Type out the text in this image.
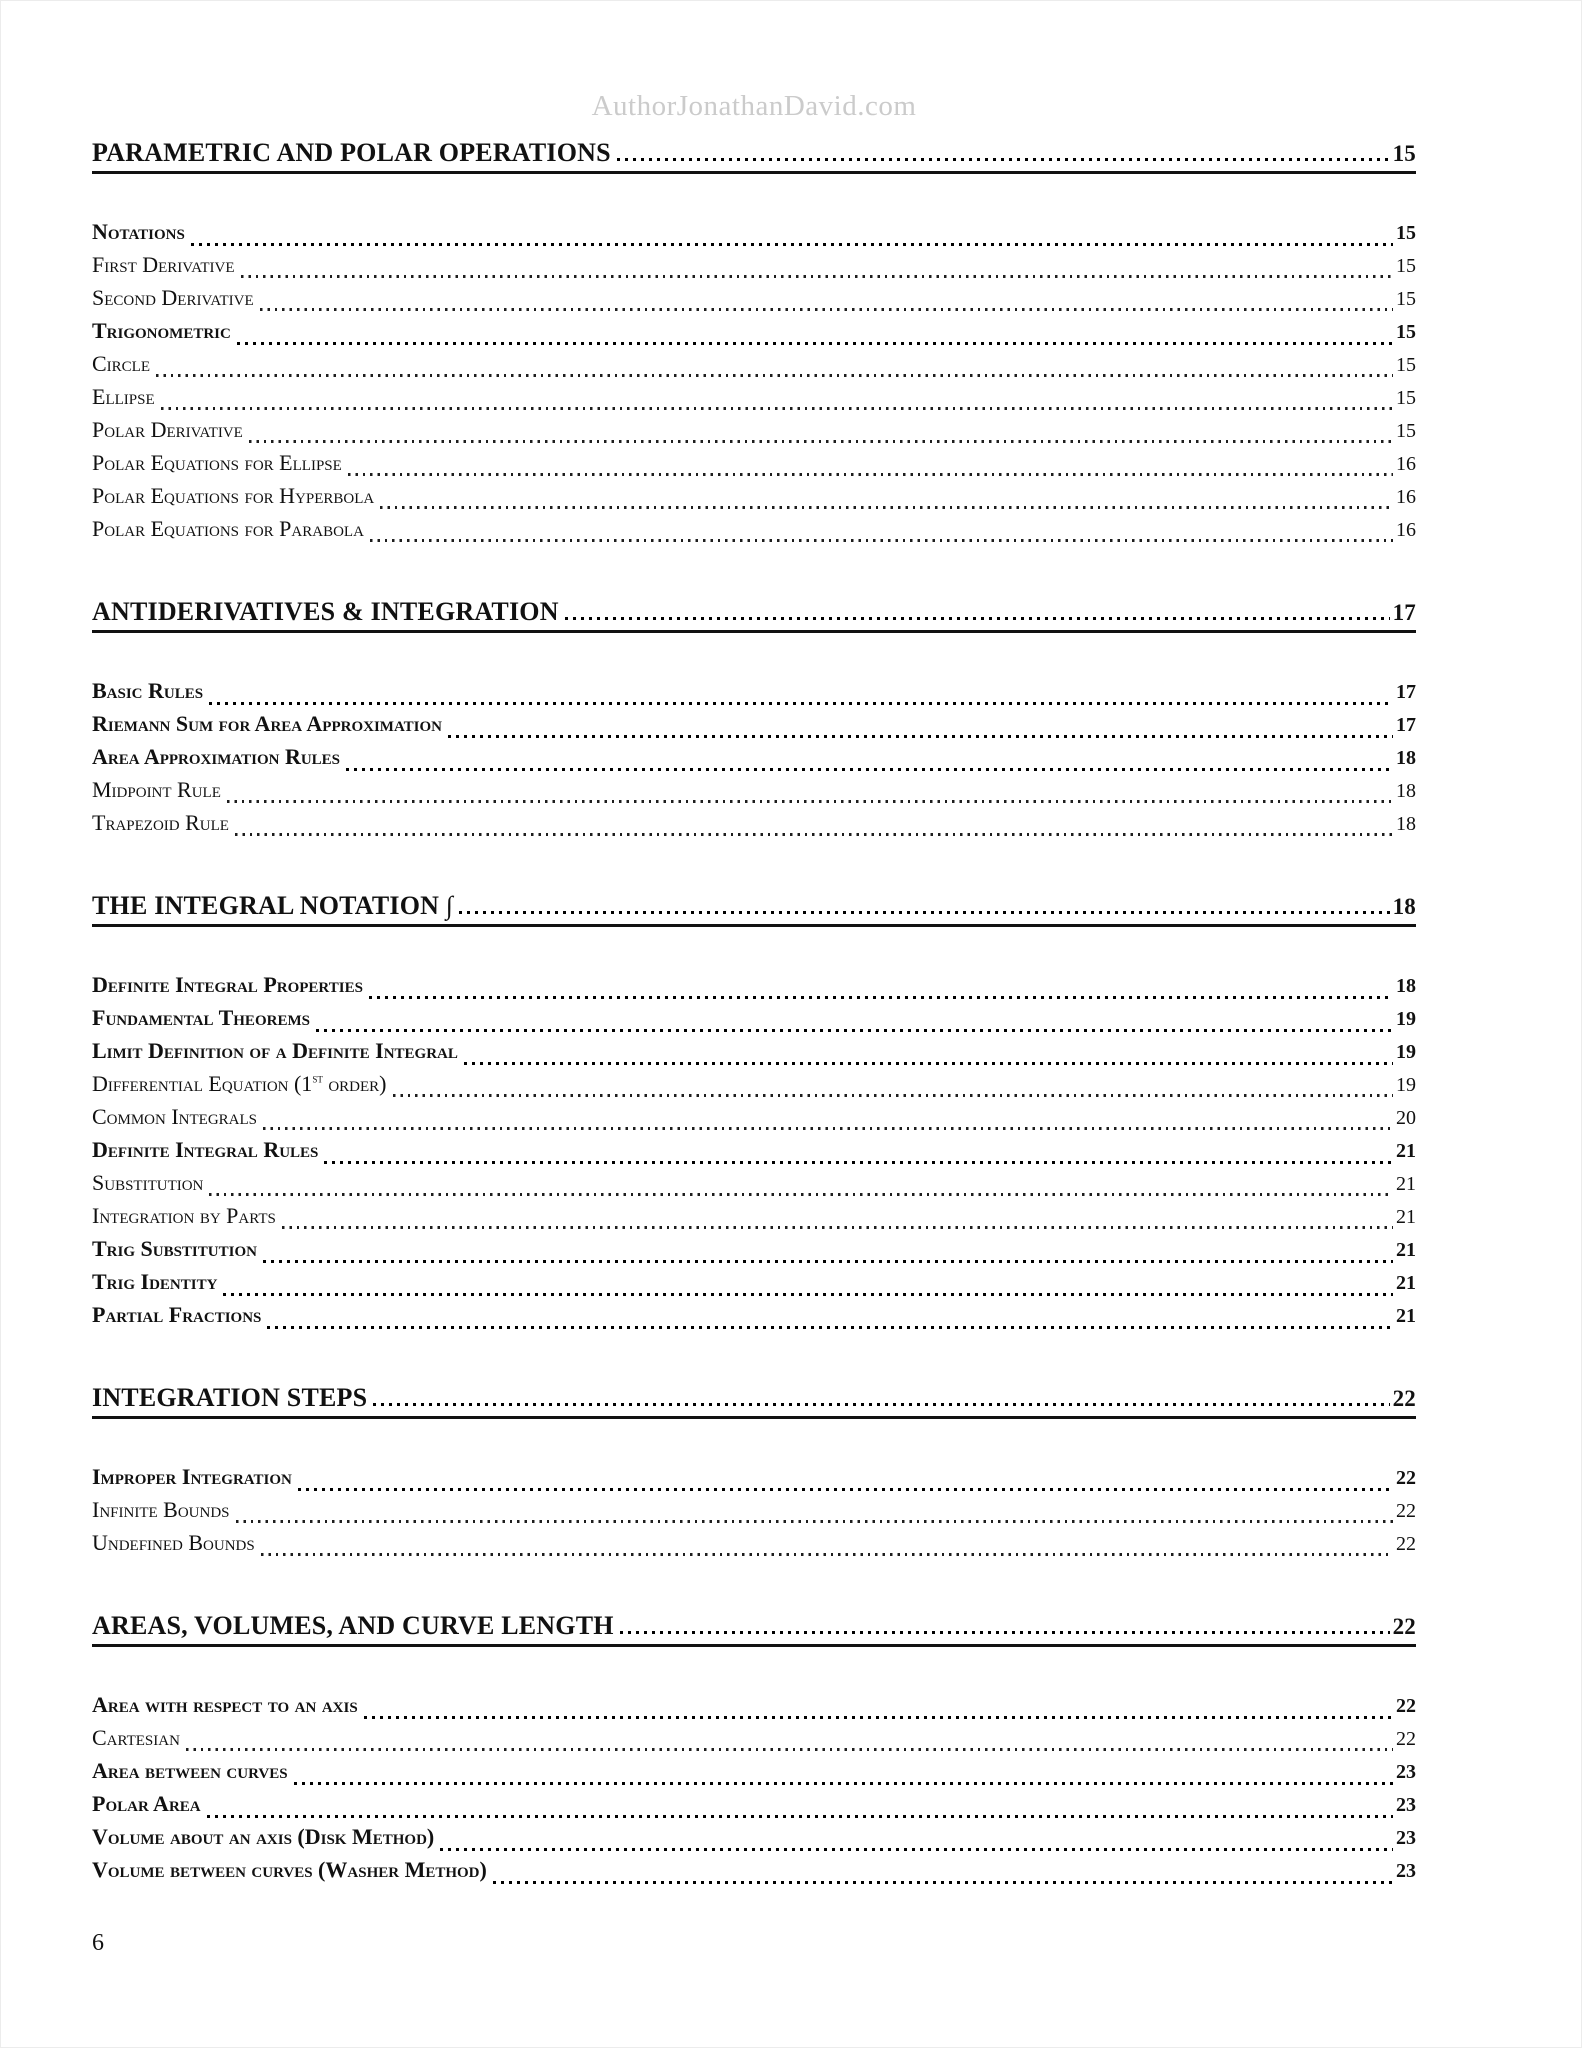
AuthorJonathanDavid.com
PARAMETRIC AND POLAR OPERATIONS	15
Notations	15
First Derivative	15
Second Derivative	15
Trigonometric	15
Circle	15
Ellipse	15
Polar Derivative	15
Polar Equations for Ellipse	16
Polar Equations for Hyperbola	16
Polar Equations for Parabola	16
ANTIDERIVATIVES & INTEGRATION	17
Basic Rules	17
Riemann Sum for Area Approximation	17
Area Approximation Rules	18
Midpoint Rule	18
Trapezoid Rule	18
THE INTEGRAL NOTATION ∫	18
Definite Integral Properties	18
Fundamental Theorems	19
Limit Definition of a Definite Integral	19
Differential Equation (1st order)	19
Common Integrals	20
Definite Integral Rules	21
Substitution	21
Integration by Parts	21
Trig Substitution	21
Trig Identity	21
Partial Fractions	21
INTEGRATION STEPS	22
Improper Integration	22
Infinite Bounds	22
Undefined Bounds	22
AREAS, VOLUMES, AND CURVE LENGTH	22
Area with respect to an axis	22
Cartesian	22
Area between curves	23
Polar Area	23
Volume about an axis (Disk Method)	23
Volume between curves (Washer Method)	23
6
